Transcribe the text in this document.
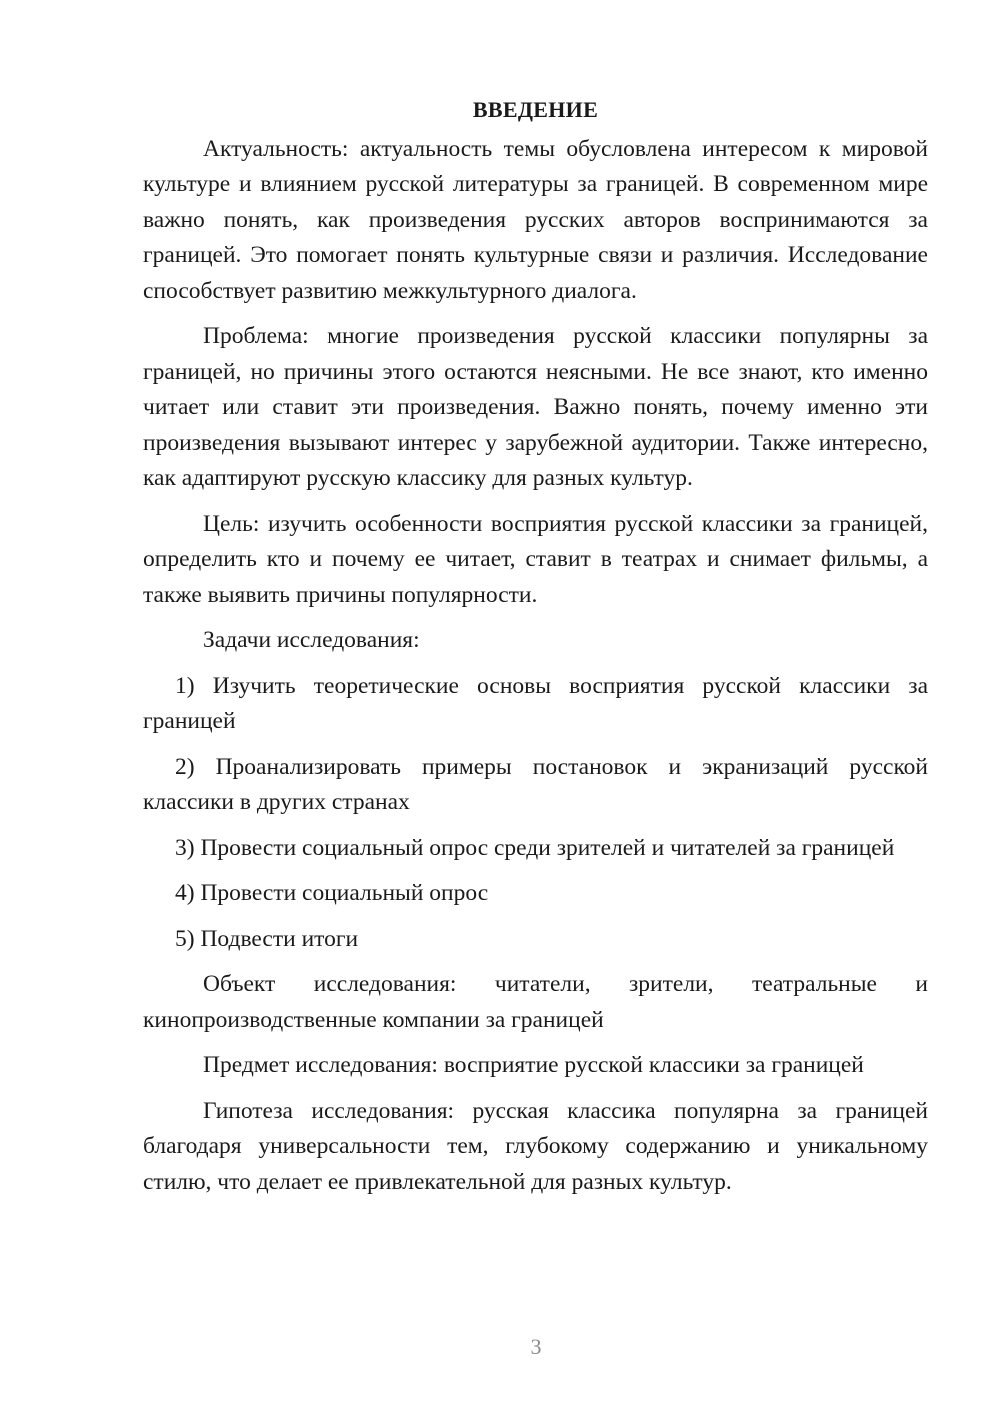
ВВЕДЕНИЕ

Актуальность: актуальность темы обусловлена интересом к мировой культуре и влиянием русской литературы за границей. В современном мире важно понять, как произведения русских авторов воспринимаются за границей. Это помогает понять культурные связи и различия. Исследование способствует развитию межкультурного диалога.

Проблема: многие произведения русской классики популярны за границей, но причины этого остаются неясными. Не все знают, кто именно читает или ставит эти произведения. Важно понять, почему именно эти произведения вызывают интерес у зарубежной аудитории. Также интересно, как адаптируют русскую классику для разных культур.

Цель: изучить особенности восприятия русской классики за границей, определить кто и почему ее читает, ставит в театрах и снимает фильмы, а также выявить причины популярности.

Задачи исследования:

1) Изучить теоретические основы восприятия русской классики за границей

2) Проанализировать примеры постановок и экранизаций русской классики в других странах

3) Провести социальный опрос среди зрителей и читателей за границей

4) Провести социальный опрос

5) Подвести итоги

Объект исследования: читатели, зрители, театральные и кинопроизводственные компании за границей

Предмет исследования: восприятие русской классики за границей

Гипотеза исследования: русская классика популярна за границей благодаря универсальности тем, глубокому содержанию и уникальному стилю, что делает ее привлекательной для разных культур.

3
